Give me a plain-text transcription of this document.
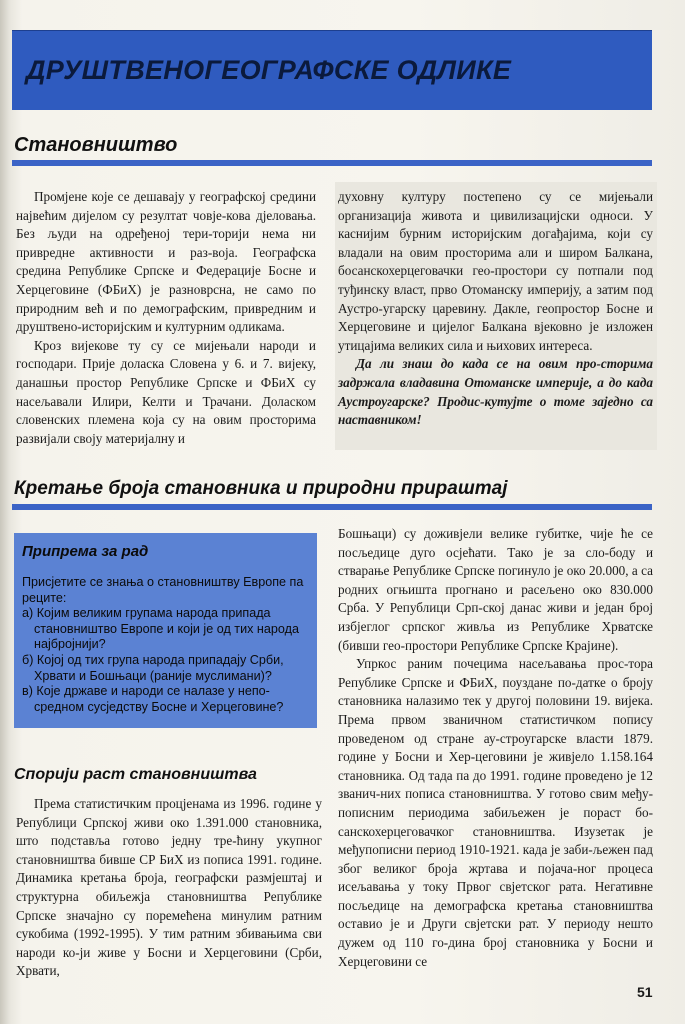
ДРУШТВЕНОГЕОГРАФСКЕ ОДЛИКЕ
Становништво

Промјене које се дешавају у географској средини највећим дијелом су резултат човје-кова дјеловања. Без људи на одређеној тери-торији нема ни привредне активности и раз-воја. Географска средина Републике Српске и Федерације Босне и Херцеговине (ФБиХ) је разноврсна, не само по природним већ и по демографским, привредним и друштвено-историјским и културним одликама.

Кроз вијекове ту су се мијењали народи и господари. Прије доласка Словена у 6. и 7. вијеку, данашњи простор Републике Српске и ФБиХ су насељавали Илири, Келти и Трачани. Доласком словенских племена која су на овим просторима развијали своју материјалну и

духовну културу постепено су се мијењали организација живота и цивилизацијски односи. У каснијим бурним историјским догађајима, који су владали на овим просторима али и широм Балкана, босанскохерцеговачки гео-простори су потпали под туђинску власт, прво Отоманску империју, а затим под Аустро-угарску царевину. Дакле, геопростор Босне и Херцеговине и цијелог Балкана вјековно је изложен утицајима великих сила и њихових интереса.

Да ли знаш до када се на овим про-сторима задржала владавина Отоманске империје, а до када Аустроугарске? Продис-кутујте о томе заједно са наставником!

Кретање броја становника и природни прираштај
Припрема за рад
Присјетите се знања о становништву Европе па реците:
а) Којим великим групама народа припада становништво Европе и који је од тих народа најбројнији?
б) Којој од тих група народа припадају Срби, Хрвати и Бошњаци (раније муслимани)?
в) Које државе и народи се налазе у непо-средном сусједству Босне и Херцеговине?
Спорији раст становништва

Према статистичким процјенама из 1996. године у Републици Српској живи око 1.391.000 становника, што подставља готово једну тре-ћину укупног становништва бивше СР БиХ из пописа 1991. године. Динамика кретања броја, географски размјештај и структурна обиљежја становништва Републике Српске значајно су поремећена минулим ратним сукобима (1992-1995). У тим ратним збивањима сви народи ко-ји живе у Босни и Херцеговини (Срби, Хрвати,

Бошњаци) су доживјели велике губитке, чије ће се посљедице дуго осјећати. Тако је за сло-боду и стварање Републике Српске погинуло је око 20.000, а са родних огњишта прогнано и расељено око 830.000 Срба. У Републици Срп-ској данас живи и један број избјеглог српског живља из Републике Хрватске (бивши гео-простори Републике Српске Крајине).

Упркос раним почецима насељавања прос-тора Републике Српске и ФБиХ, поуздане по-датке о броју становника налазимо тек у другој половини 19. вијека. Према првом званичном статистичком попису проведеном од стране ау-строугарске власти 1879. године у Босни и Хер-цеговини је живјело 1.158.164 становника. Од тада па до 1991. године проведено је 12 званич-них пописа становништва. У готово свим међу-пописним периодима забиљежен је пораст бо-санскохерцеговачког становништва. Изузетак је међупописни период 1910-1921. када је заби-љежен пад због великог броја жртава и појача-ног процеса исељавања у току Првог свјетског рата. Негативне посљедице на демографска кретања становништва оставио је и Други свјетски рат. У периоду нешто дужем од 110 го-дина број становника у Босни и Херцеговини се

51
